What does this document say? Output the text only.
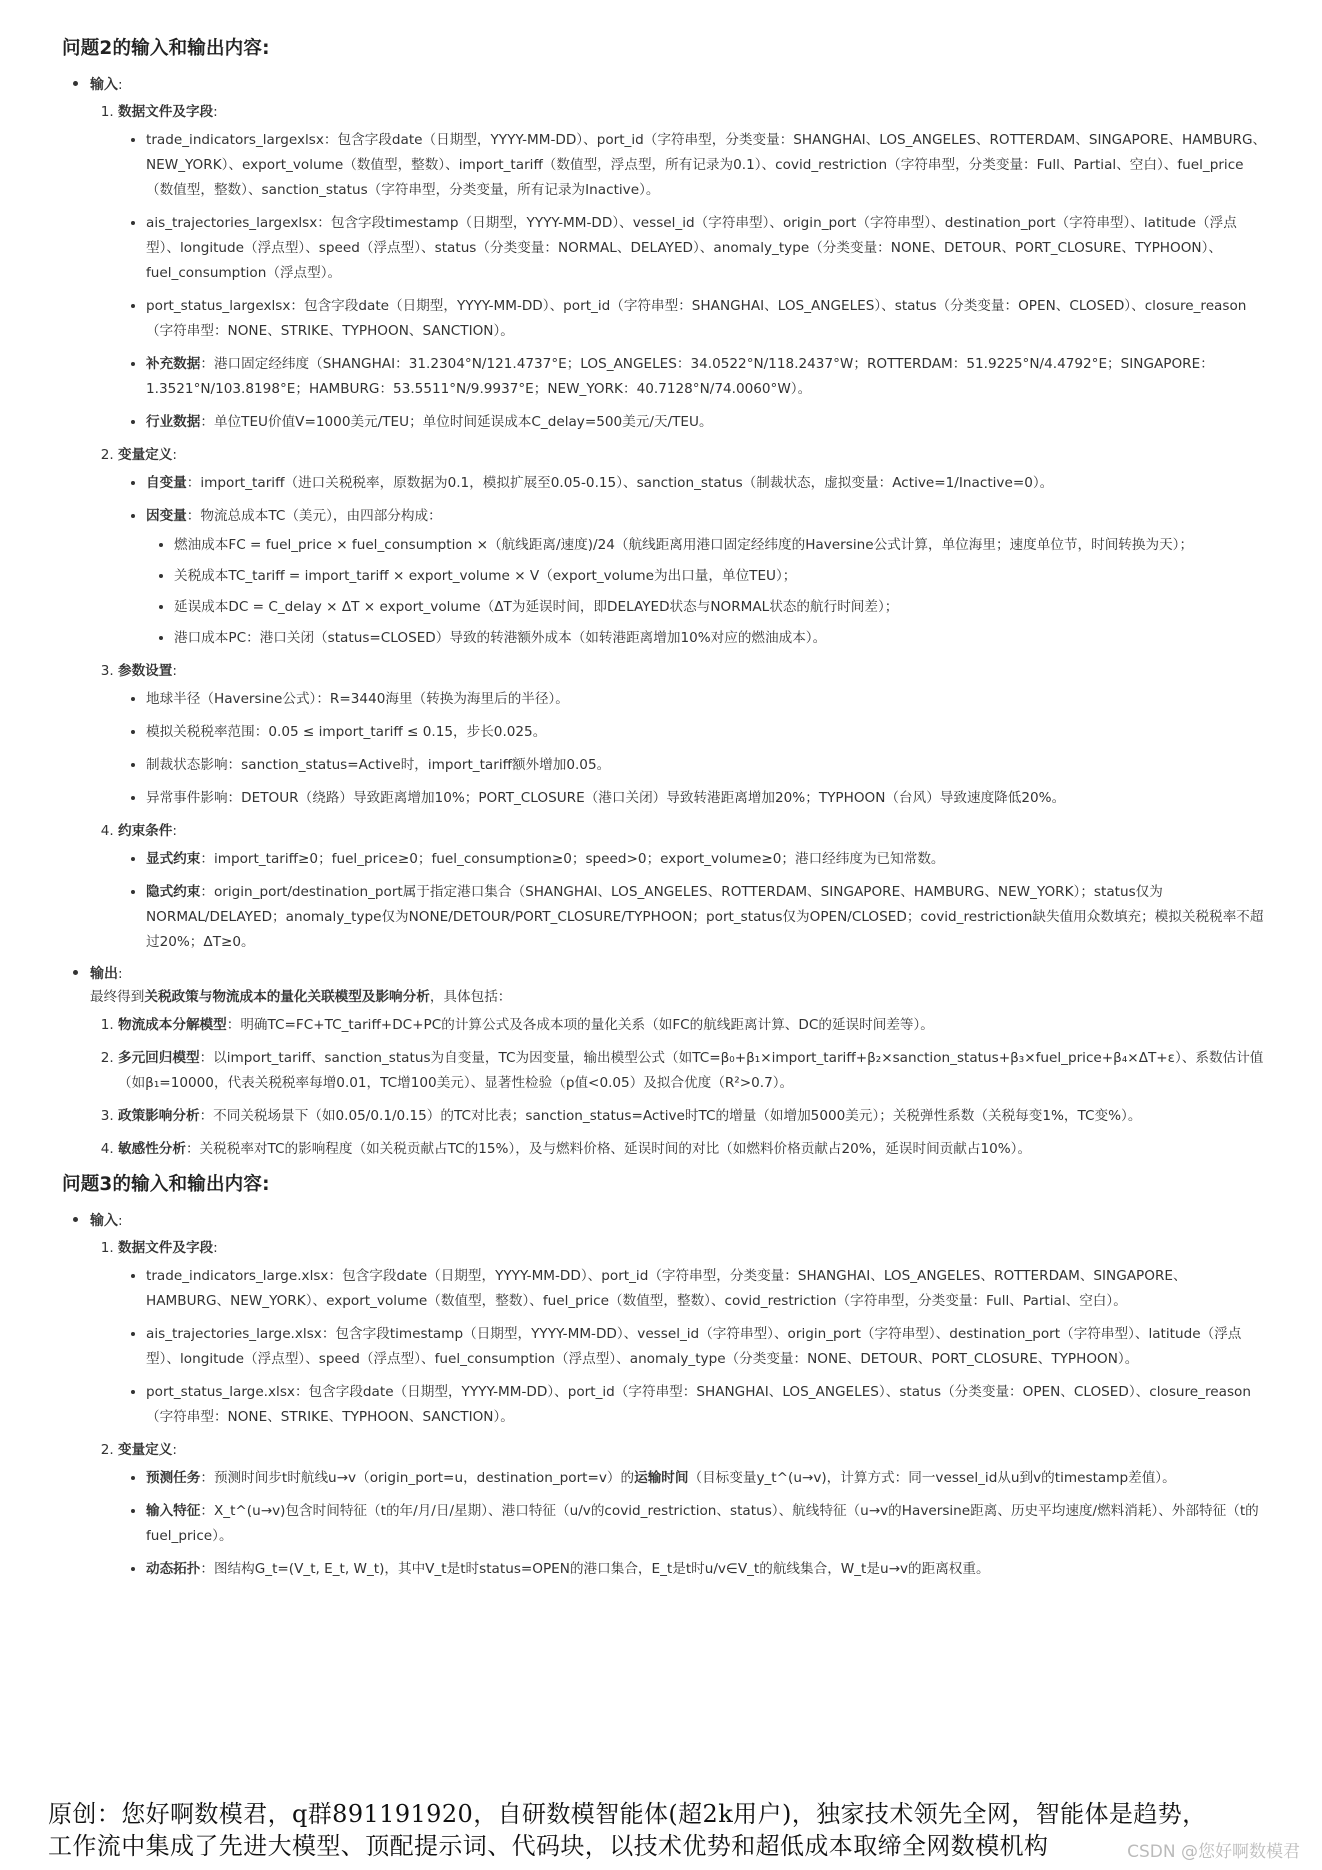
问题2的输入和输出内容:
• 输入:
1. 数据文件及字段:
• trade_indicators_largexlsx：包含字段date（日期型，YYYY-MM-DD）、port_id（字符串型，分类变量：SHANGHAI、LOS_ANGELES、ROTTERDAM、SINGAPORE、HAMBURG、NEW_YORK）、export_volume（数值型，整数）、import_tariff（数值型，浮点型，所有记录为0.1）、covid_restriction（字符串型，分类变量：Full、Partial、空白）、fuel_price（数值型，整数）、sanction_status（字符串型，分类变量，所有记录为Inactive）。
• ais_trajectories_largexlsx：包含字段timestamp（日期型，YYYY-MM-DD）、vessel_id（字符串型）、origin_port（字符串型）、destination_port（字符串型）、latitude（浮点型）、longitude（浮点型）、speed（浮点型）、status（分类变量：NORMAL、DELAYED）、anomaly_type（分类变量：NONE、DETOUR、PORT_CLOSURE、TYPHOON）、fuel_consumption（浮点型）。
• port_status_largexlsx：包含字段date（日期型，YYYY-MM-DD）、port_id（字符串型：SHANGHAI、LOS_ANGELES）、status（分类变量：OPEN、CLOSED）、closure_reason（字符串型：NONE、STRIKE、TYPHOON、SANCTION）。
• 补充数据：港口固定经纬度（SHANGHAI：31.2304°N/121.4737°E；LOS_ANGELES：34.0522°N/118.2437°W；ROTTERDAM：51.9225°N/4.4792°E；SINGAPORE：1.3521°N/103.8198°E；HAMBURG：53.5511°N/9.9937°E；NEW_YORK：40.7128°N/74.0060°W）。
• 行业数据：单位TEU价值V=1000美元/TEU；单位时间延误成本C_delay=500美元/天/TEU。
2. 变量定义:
• 自变量：import_tariff（进口关税税率，原数据为0.1，模拟扩展至0.05-0.15）、sanction_status（制裁状态，虚拟变量：Active=1/Inactive=0）。
• 因变量：物流总成本TC（美元），由四部分构成：
• 燃油成本FC = fuel_price × fuel_consumption ×（航线距离/速度)/24（航线距离用港口固定经纬度的Haversine公式计算，单位海里；速度单位节，时间转换为天）；
• 关税成本TC_tariff = import_tariff × export_volume × V（export_volume为出口量，单位TEU）；
• 延误成本DC = C_delay × ΔT × export_volume（ΔT为延误时间，即DELAYED状态与NORMAL状态的航行时间差）；
• 港口成本PC：港口关闭（status=CLOSED）导致的转港额外成本（如转港距离增加10%对应的燃油成本）。
3. 参数设置:
• 地球半径（Haversine公式）：R=3440海里（转换为海里后的半径）。
• 模拟关税税率范围：0.05 ≤ import_tariff ≤ 0.15，步长0.025。
• 制裁状态影响：sanction_status=Active时，import_tariff额外增加0.05。
• 异常事件影响：DETOUR（绕路）导致距离增加10%；PORT_CLOSURE（港口关闭）导致转港距离增加20%；TYPHOON（台风）导致速度降低20%。
4. 约束条件:
• 显式约束：import_tariff≥0；fuel_price≥0；fuel_consumption≥0；speed>0；export_volume≥0；港口经纬度为已知常数。
• 隐式约束：origin_port/destination_port属于指定港口集合（SHANGHAI、LOS_ANGELES、ROTTERDAM、SINGAPORE、HAMBURG、NEW_YORK）；status仅为NORMAL/DELAYED；anomaly_type仅为NONE/DETOUR/PORT_CLOSURE/TYPHOON；port_status仅为OPEN/CLOSED；covid_restriction缺失值用众数填充；模拟关税税率不超过20%；ΔT≥0。
• 输出:
最终得到关税政策与物流成本的量化关联模型及影响分析，具体包括：
1. 物流成本分解模型：明确TC=FC+TC_tariff+DC+PC的计算公式及各成本项的量化关系（如FC的航线距离计算、DC的延误时间差等）。
2. 多元回归模型：以import_tariff、sanction_status为自变量，TC为因变量，输出模型公式（如TC=β₀+β₁×import_tariff+β₂×sanction_status+β₃×fuel_price+β₄×ΔT+ε）、系数估计值（如β₁=10000，代表关税税率每增0.01，TC增100美元）、显著性检验（p值<0.05）及拟合优度（R²>0.7）。
3. 政策影响分析：不同关税场景下（如0.05/0.1/0.15）的TC对比表；sanction_status=Active时TC的增量（如增加5000美元）；关税弹性系数（关税每变1%，TC变%）。
4. 敏感性分析：关税税率对TC的影响程度（如关税贡献占TC的15%），及与燃料价格、延误时间的对比（如燃料价格贡献占20%，延误时间贡献占10%）。
问题3的输入和输出内容:
• 输入:
1. 数据文件及字段:
• trade_indicators_large.xlsx：包含字段date（日期型，YYYY-MM-DD）、port_id（字符串型，分类变量：SHANGHAI、LOS_ANGELES、ROTTERDAM、SINGAPORE、HAMBURG、NEW_YORK）、export_volume（数值型，整数）、fuel_price（数值型，整数）、covid_restriction（字符串型，分类变量：Full、Partial、空白）。
• ais_trajectories_large.xlsx：包含字段timestamp（日期型，YYYY-MM-DD）、vessel_id（字符串型）、origin_port（字符串型）、destination_port（字符串型）、latitude（浮点型）、longitude（浮点型）、speed（浮点型）、fuel_consumption（浮点型）、anomaly_type（分类变量：NONE、DETOUR、PORT_CLOSURE、TYPHOON）。
• port_status_large.xlsx：包含字段date（日期型，YYYY-MM-DD）、port_id（字符串型：SHANGHAI、LOS_ANGELES）、status（分类变量：OPEN、CLOSED）、closure_reason（字符串型：NONE、STRIKE、TYPHOON、SANCTION）。
2. 变量定义:
• 预测任务：预测时间步t时航线u→v（origin_port=u，destination_port=v）的运输时间（目标变量y_t^(u→v)，计算方式：同一vessel_id从u到v的timestamp差值）。
• 输入特征：X_t^(u→v)包含时间特征（t的年/月/日/星期）、港口特征（u/v的covid_restriction、status）、航线特征（u→v的Haversine距离、历史平均速度/燃料消耗）、外部特征（t的fuel_price）。
• 动态拓扑：图结构G_t=(V_t, E_t, W_t)，其中V_t是t时status=OPEN的港口集合，E_t是t时u/v∈V_t的航线集合，W_t是u→v的距离权重。
原创：您好啊数模君，q群891191920，自研数模智能体(超2k用户)，独家技术领先全网，智能体是趋势，
工作流中集成了先进大模型、顶配提示词、代码块，以技术优势和超低成本取缔全网数模机构	CSDN @您好啊数模君
